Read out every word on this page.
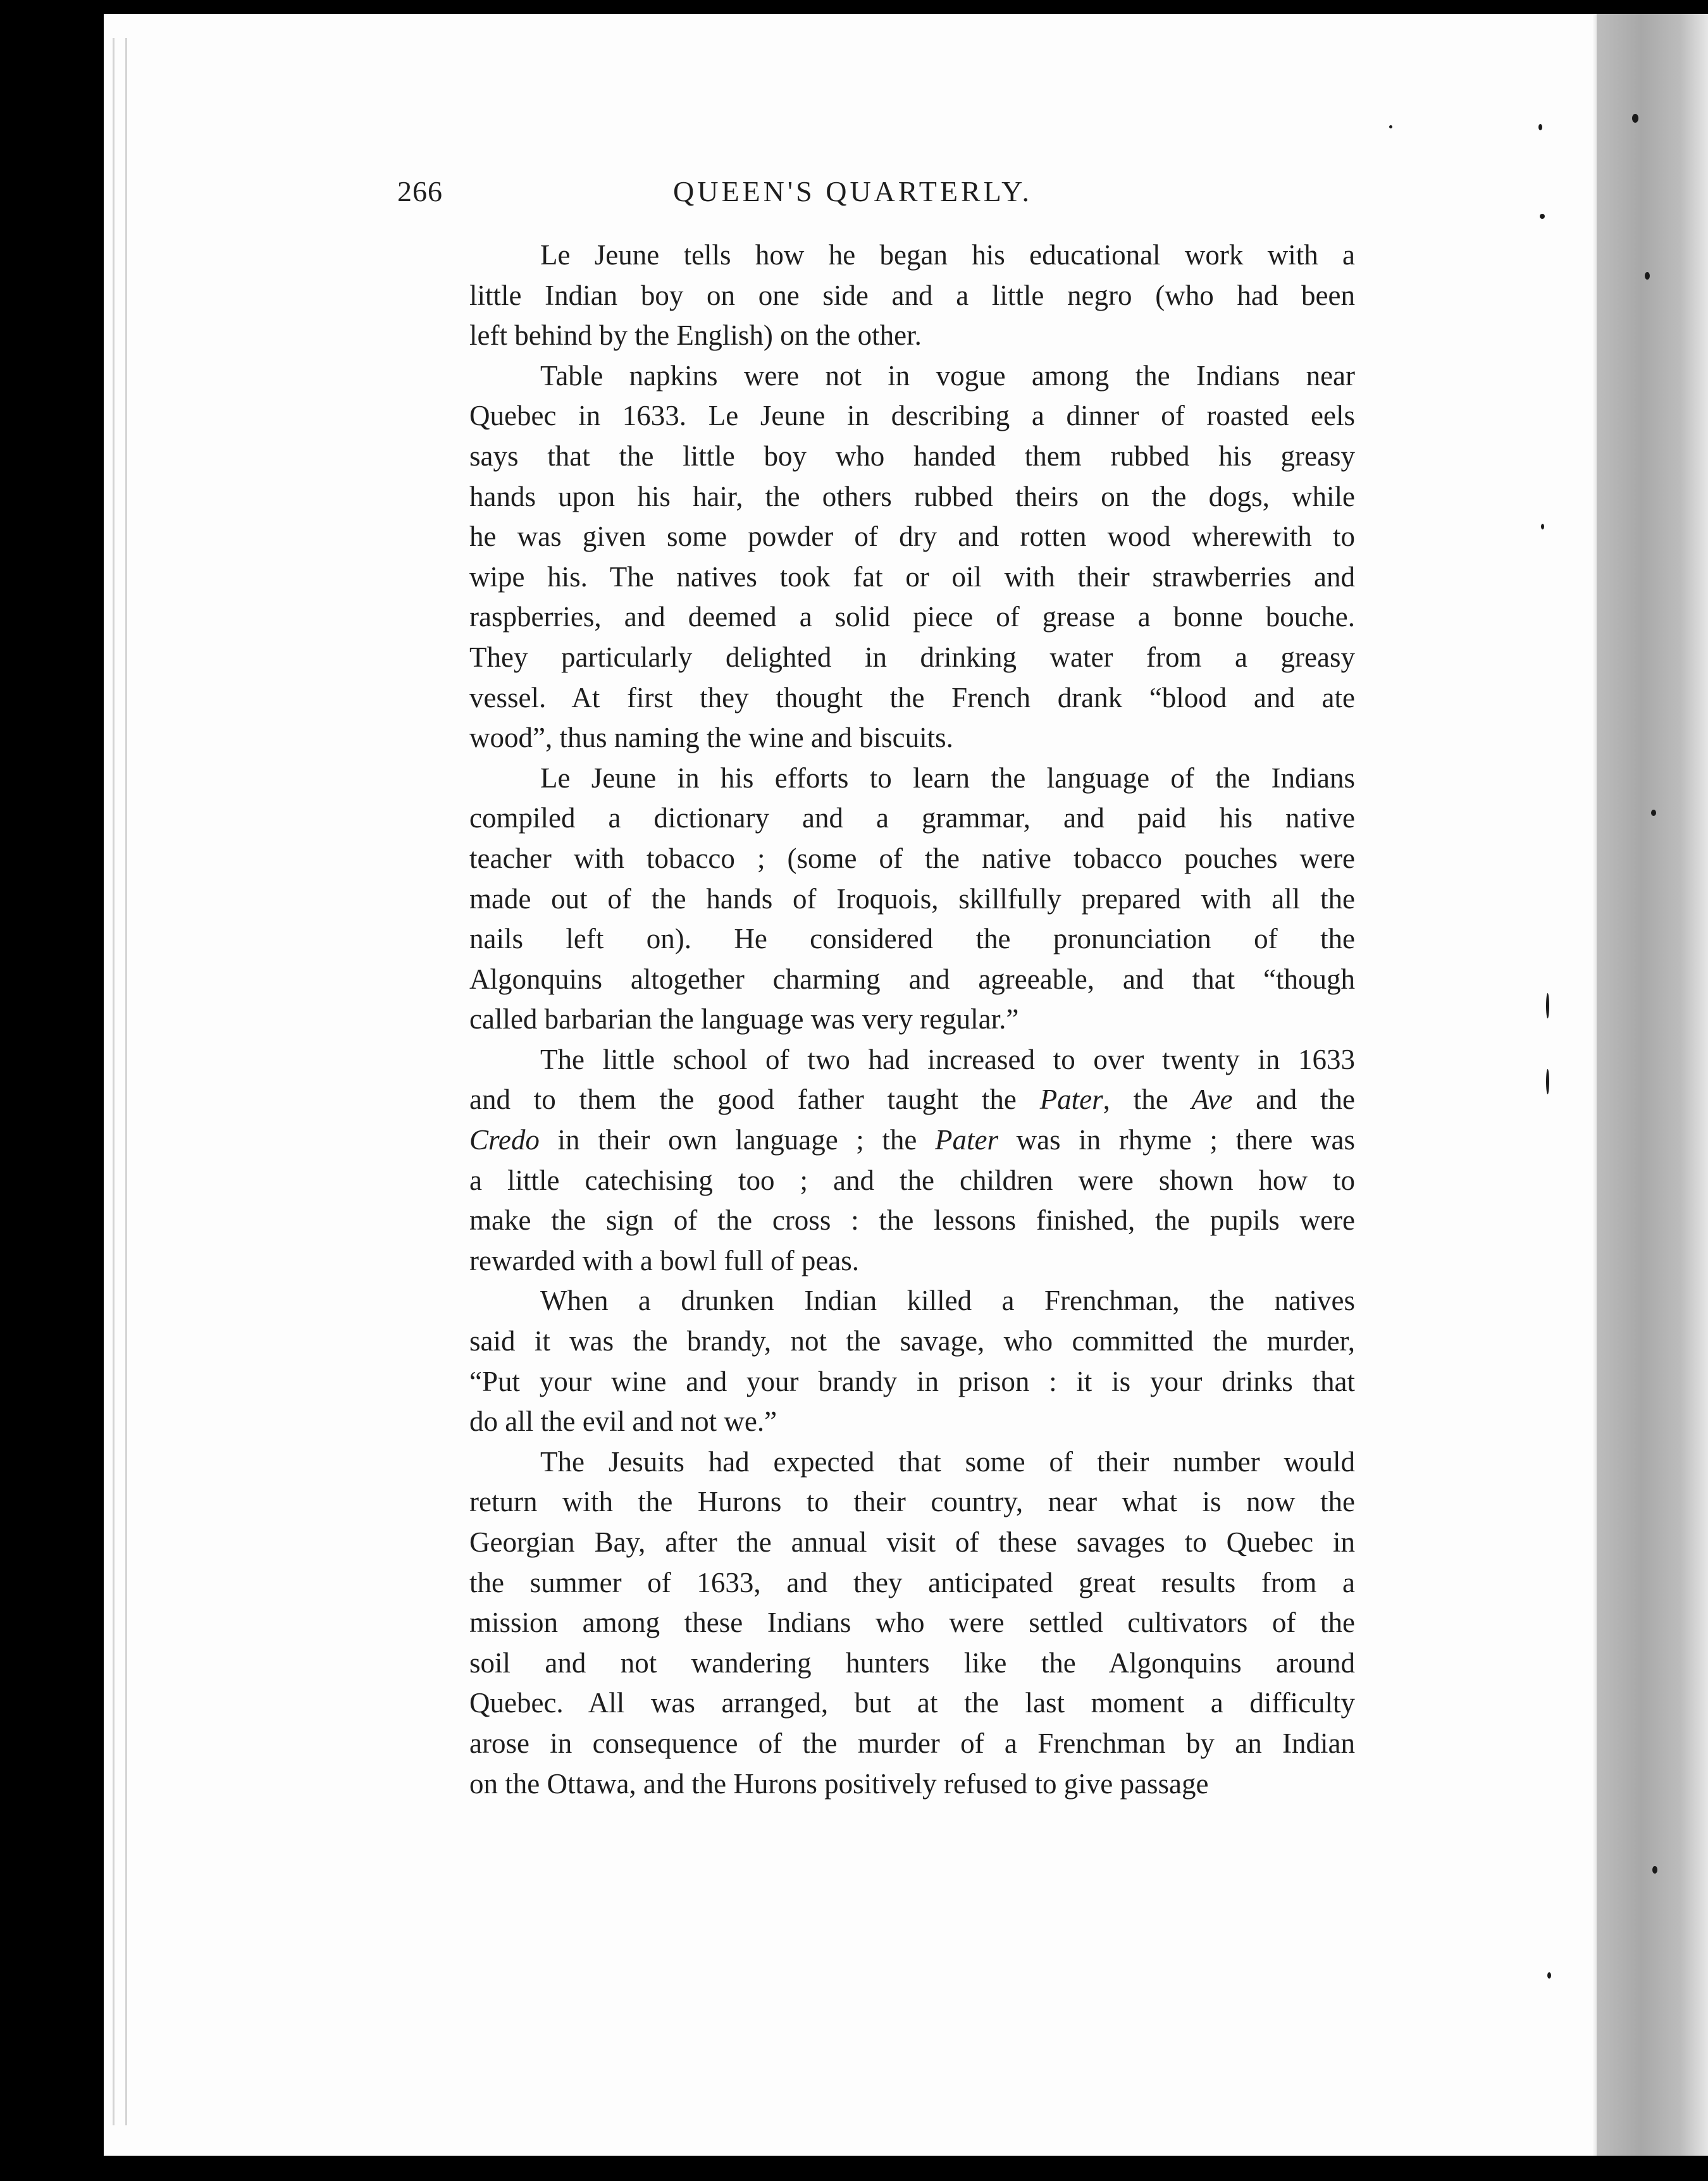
266	QUEEN'S QUARTERLY.
Le Jeune tells how he began his educational work with a
little Indian boy on one side and a little negro (who had been
left behind by the English) on the other.
Table napkins were not in vogue among the Indians near
Quebec in 1633. Le Jeune in describing a dinner of roasted eels
says that the little boy who handed them rubbed his greasy
hands upon his hair, the others rubbed theirs on the dogs, while
he was given some powder of dry and rotten wood wherewith to
wipe his. The natives took fat or oil with their strawberries and
raspberries, and deemed a solid piece of grease a bonne bouche.
They particularly delighted in drinking water from a greasy
vessel. At first they thought the French drank “blood and ate
wood”, thus naming the wine and biscuits.
Le Jeune in his efforts to learn the language of the Indians
compiled a dictionary and a grammar, and paid his native
teacher with tobacco ; (some of the native tobacco pouches were
made out of the hands of Iroquois, skillfully prepared with all the
nails left on). He considered the pronunciation of the
Algonquins altogether charming and agreeable, and that “though
called barbarian the language was very regular.”
The little school of two had increased to over twenty in 1633
and to them the good father taught the Pater, the Ave and the
Credo in their own language ; the Pater was in rhyme ; there was
a little catechising too ; and the children were shown how to
make the sign of the cross : the lessons finished, the pupils were
rewarded with a bowl full of peas.
When a drunken Indian killed a Frenchman, the natives
said it was the brandy, not the savage, who committed the murder,
“Put your wine and your brandy in prison : it is your drinks that
do all the evil and not we.”
The Jesuits had expected that some of their number would
return with the Hurons to their country, near what is now the
Georgian Bay, after the annual visit of these savages to Quebec in
the summer of 1633, and they anticipated great results from a
mission among these Indians who were settled cultivators of the
soil and not wandering hunters like the Algonquins around
Quebec. All was arranged, but at the last moment a difficulty
arose in consequence of the murder of a Frenchman by an Indian
on the Ottawa, and the Hurons positively refused to give passage
